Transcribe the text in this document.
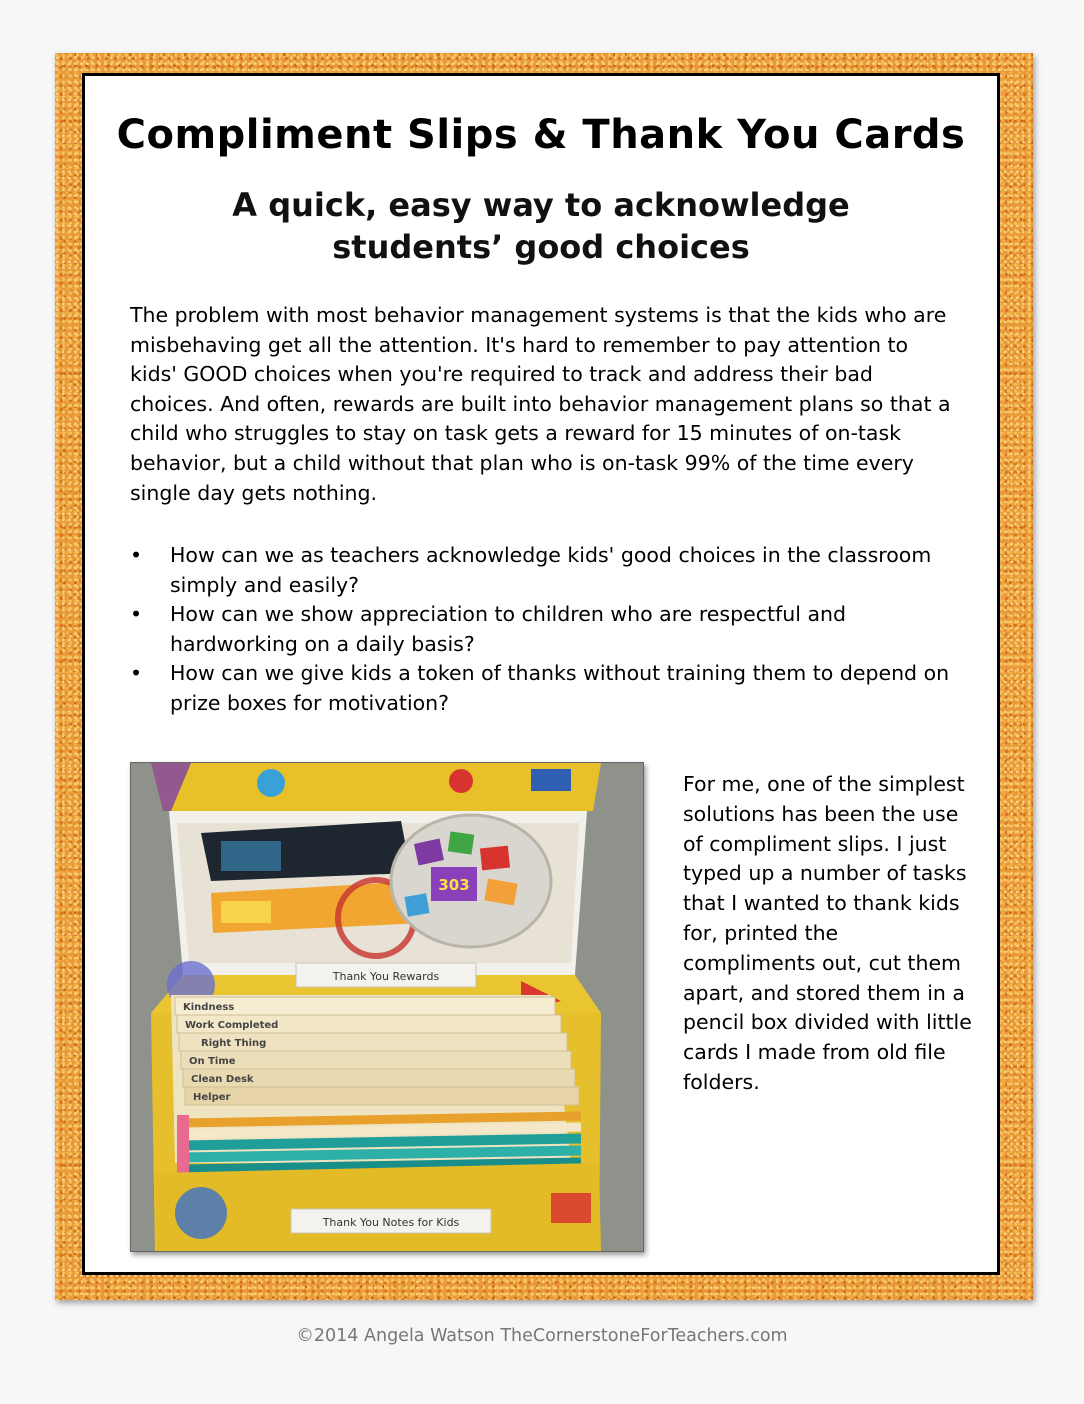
Compliment Slips & Thank You Cards
A quick, easy way to acknowledge
students’ good choices

The problem with most behavior management systems is that the kids who are misbehaving get all the attention. It's hard to remember to pay attention to kids' GOOD choices when you're required to track and address their bad choices. And often, rewards are built into behavior management plans so that a child who struggles to stay on task gets a reward for 15 minutes of on-task behavior, but a child without that plan who is on-task 99% of the time every single day gets nothing.

• How can we as teachers acknowledge kids' good choices in the classroom simply and easily?
• How can we show appreciation to children who are respectful and hardworking on a daily basis?
• How can we give kids a token of thanks without training them to depend on prize boxes for motivation?
303
Thank You Rewards
Kindness
Work Completed
Right Thing
On Time
Clean Desk
Helper
Thank You Notes for Kids

For me, one of the simplest solutions has been the use of compliment slips. I just typed up a number of tasks that I wanted to thank kids for, printed the compliments out, cut them apart, and stored them in a pencil box divided with little cards I made from old file folders.

©2014 Angela Watson TheCornerstoneForTeachers.com
